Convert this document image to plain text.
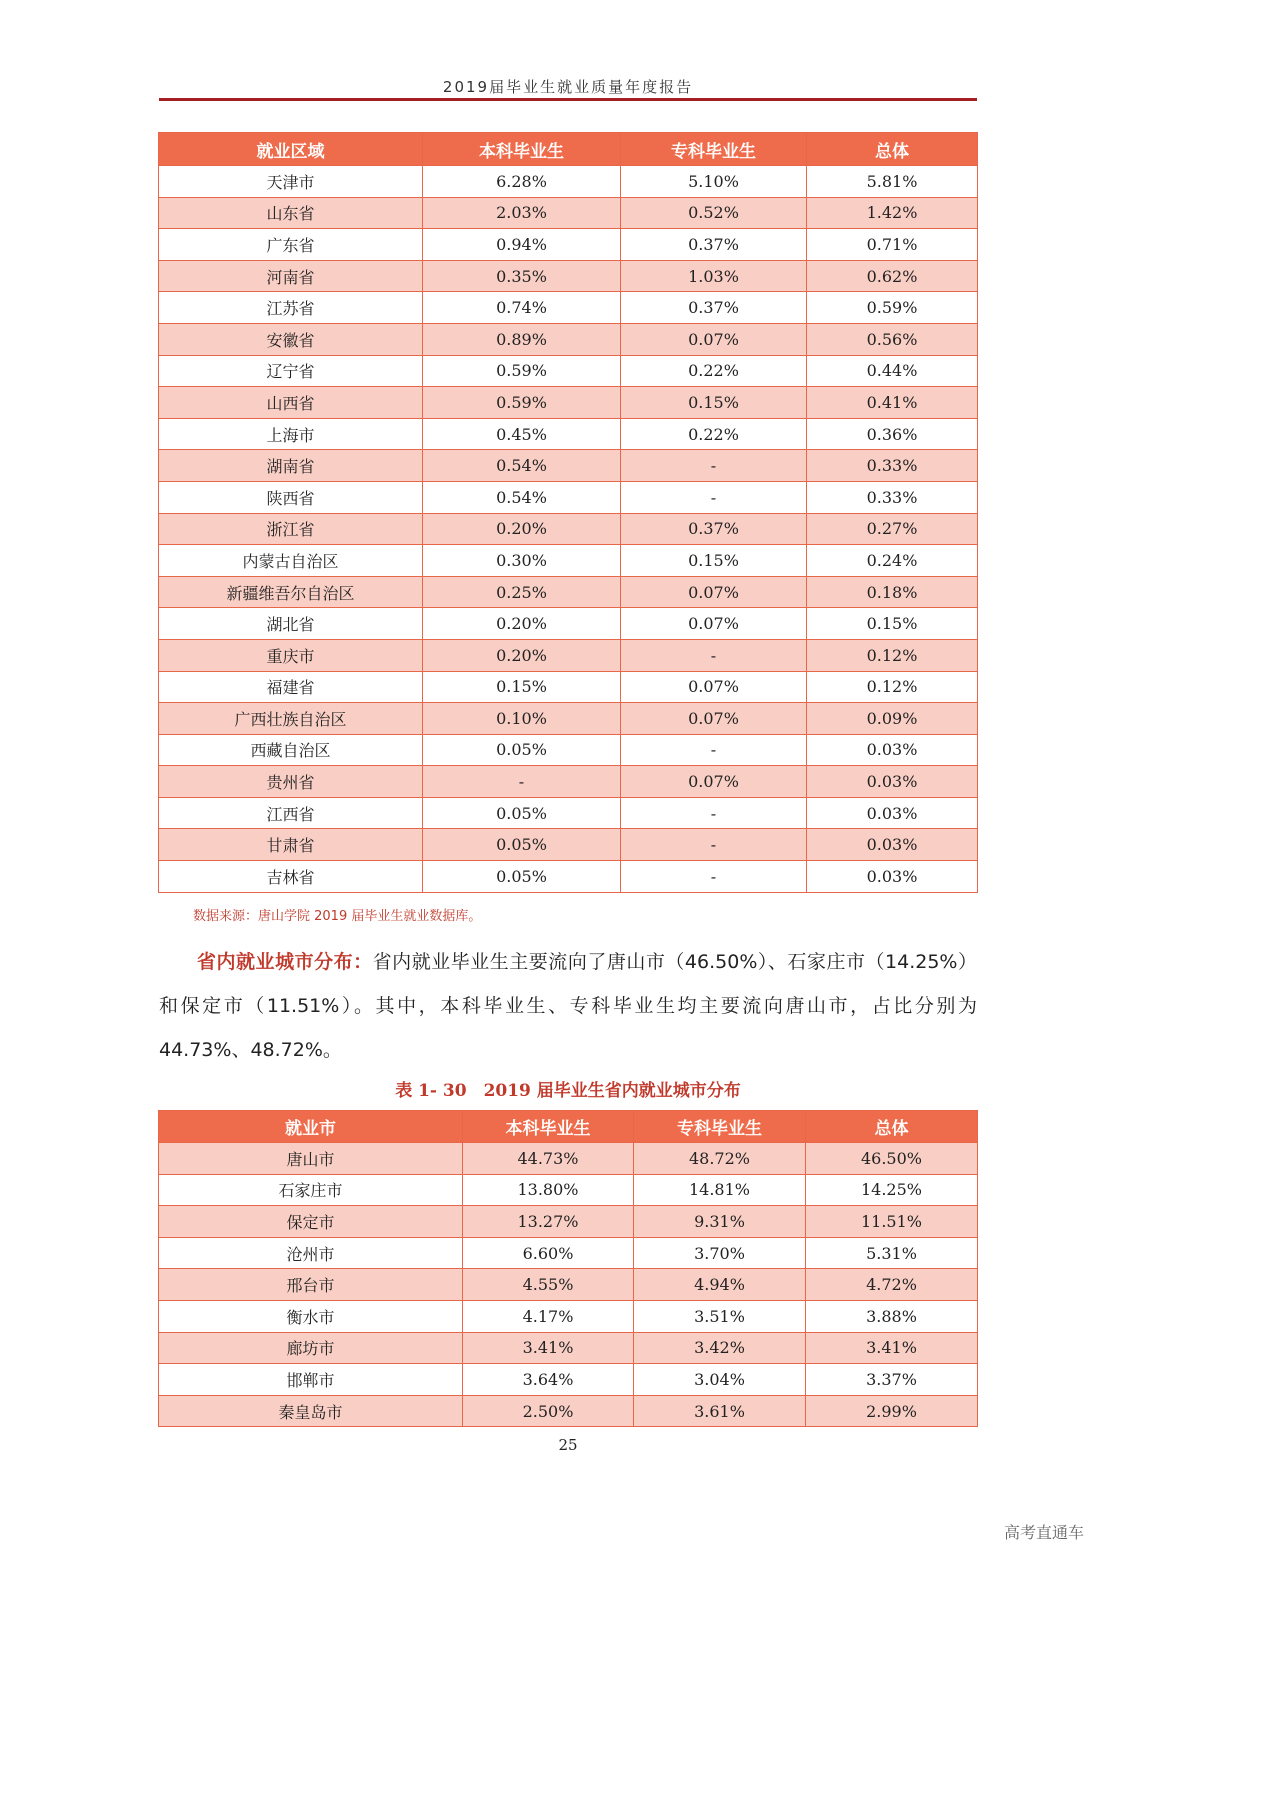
2019届毕业生就业质量年度报告
就业区域	本科毕业生	专科毕业生	总体
天津市	6.28%	5.10%	5.81%
山东省	2.03%	0.52%	1.42%
广东省	0.94%	0.37%	0.71%
河南省	0.35%	1.03%	0.62%
江苏省	0.74%	0.37%	0.59%
安徽省	0.89%	0.07%	0.56%
辽宁省	0.59%	0.22%	0.44%
山西省	0.59%	0.15%	0.41%
上海市	0.45%	0.22%	0.36%
湖南省	0.54%	-	0.33%
陕西省	0.54%	-	0.33%
浙江省	0.20%	0.37%	0.27%
内蒙古自治区	0.30%	0.15%	0.24%
新疆维吾尔自治区	0.25%	0.07%	0.18%
湖北省	0.20%	0.07%	0.15%
重庆市	0.20%	-	0.12%
福建省	0.15%	0.07%	0.12%
广西壮族自治区	0.10%	0.07%	0.09%
西藏自治区	0.05%	-	0.03%
贵州省	-	0.07%	0.03%
江西省	0.05%	-	0.03%
甘肃省	0.05%	-	0.03%
吉林省	0.05%	-	0.03%
数据来源：唐山学院 2019 届毕业生就业数据库。

省内就业城市分布：省内就业毕业生主要流向了唐山市（46.50%）、石家庄市（14.25%）和保定市（11.51%）。其中，本科毕业生、专科毕业生均主要流向唐山市，占比分别为 44.73%、48.72%。

表 1- 30　2019 届毕业生省内就业城市分布
就业市	本科毕业生	专科毕业生	总体
唐山市	44.73%	48.72%	46.50%
石家庄市	13.80%	14.81%	14.25%
保定市	13.27%	9.31%	11.51%
沧州市	6.60%	3.70%	5.31%
邢台市	4.55%	4.94%	4.72%
衡水市	4.17%	3.51%	3.88%
廊坊市	3.41%	3.42%	3.41%
邯郸市	3.64%	3.04%	3.37%
秦皇岛市	2.50%	3.61%	2.99%
25
高考直通车
